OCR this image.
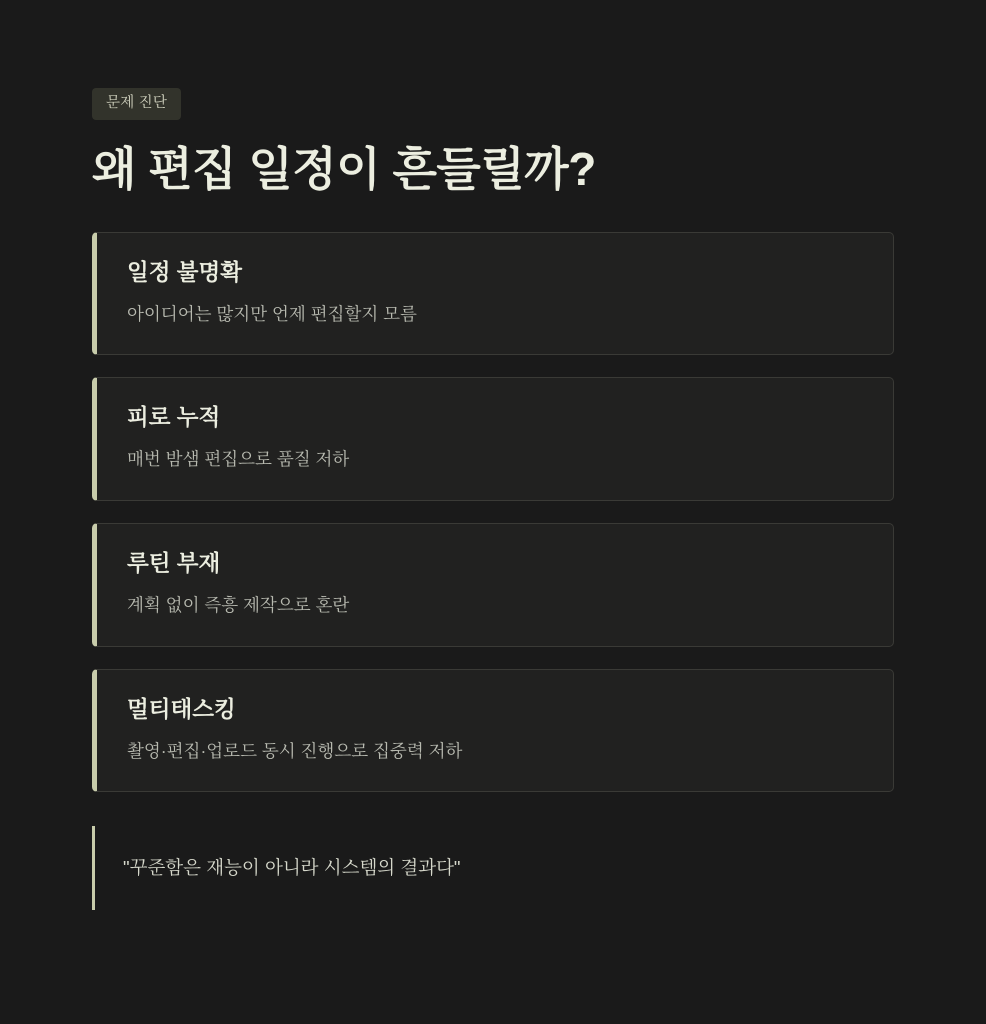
문제 진단
왜 편집 일정이 흔들릴까?
일정 불명확
아이디어는 많지만 언제 편집할지 모름
피로 누적
매번 밤샘 편집으로 품질 저하
루틴 부재
계획 없이 즉흥 제작으로 혼란
멀티태스킹
촬영·편집·업로드 동시 진행으로 집중력 저하
"꾸준함은 재능이 아니라 시스템의 결과다"
